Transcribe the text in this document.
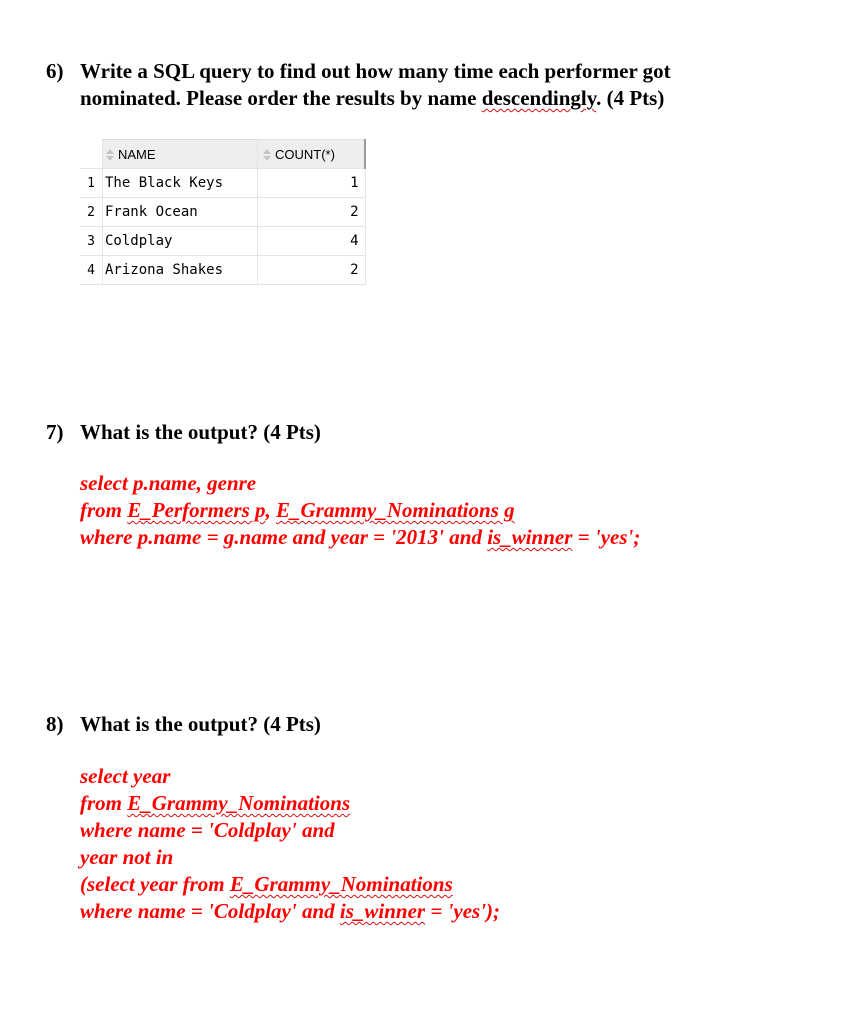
6) Write a SQL query to find out how many time each performer got
nominated. Please order the results by name descendingly. (4 Pts)
	NAME	COUNT(*)
1	The Black Keys	1
2	Frank Ocean	2
3	Coldplay	4
4	Arizona Shakes	2
7) What is the output? (4 Pts)
select p.name, genre
from E_Performers p, E_Grammy_Nominations g
where p.name = g.name and year = '2013' and is_winner = 'yes';
8) What is the output? (4 Pts)
select year
from E_Grammy_Nominations
where name = 'Coldplay' and
year not in
(select year from E_Grammy_Nominations
where name = 'Coldplay' and is_winner = 'yes');
